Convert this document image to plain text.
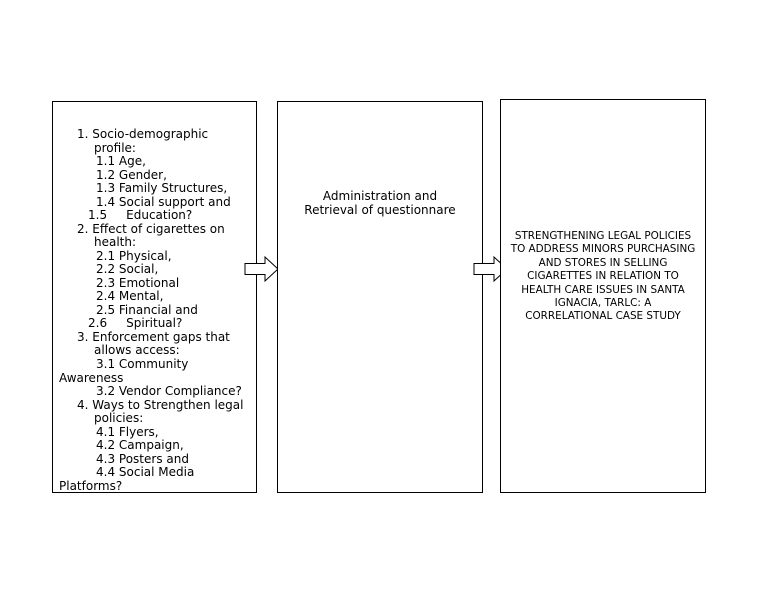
1. Socio-demographic
profile:
1.1 Age,
1.2 Gender,
1.3 Family Structures,
1.4 Social support and
1.5     Education?
2. Effect of cigarettes on
health:
2.1 Physical,
2.2 Social,
2.3 Emotional
2.4 Mental,
2.5 Financial and
2.6     Spiritual?
3. Enforcement gaps that
allows access:
3.1 Community
Awareness
3.2 Vendor Compliance?
4. Ways to Strengthen legal
policies:
4.1 Flyers,
4.2 Campaign,
4.3 Posters and
4.4 Social Media
Platforms?
Administration and
Retrieval of questionnare
STRENGTHENING LEGAL POLICIES
TO ADDRESS MINORS PURCHASING
AND STORES IN SELLING
CIGARETTES IN RELATION TO
HEALTH CARE ISSUES IN SANTA
IGNACIA, TARLC: A
CORRELATIONAL CASE STUDY
